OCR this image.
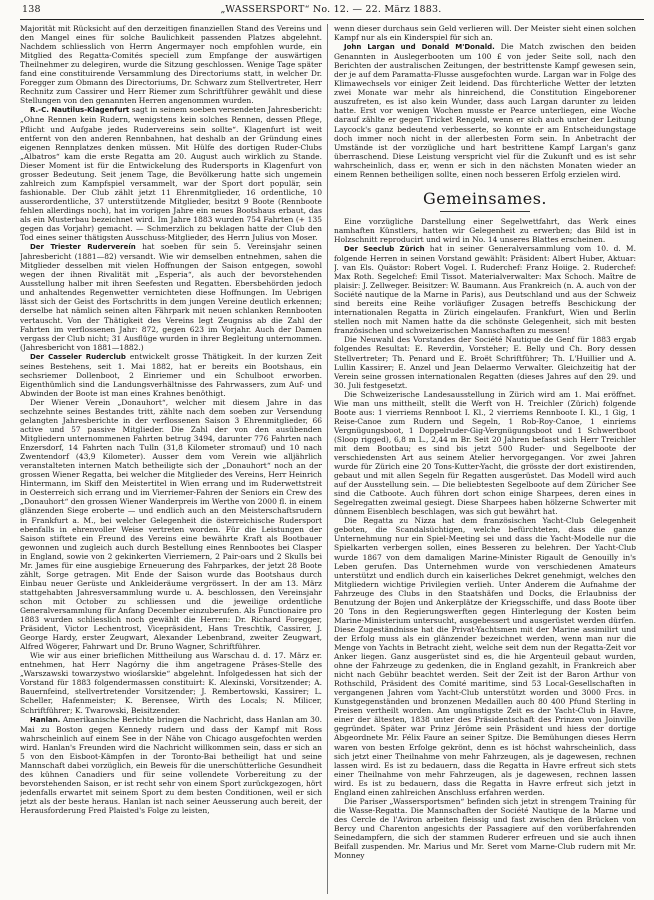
138	„WASSERSPORT“ No. 12. — 22. März 1883.

Majorität mit Rücksicht auf den derzeitigen finanziellen Stand des Vereins und den Mangel eines für solche Baulichkeit passenden Platzes abgelehnt. Nachdem schliesslich von Herrn Angermayer noch empfohlen wurde, ein Mitglied des Regatta-Comités speciell zum Empfange der auswärtigen Theilnehmer zu delegiren, wurde die Sitzung geschlossen. Wenige Tage später fand eine constituirende Versammlung des Directoriums statt, in welcher Dr. Foregger zum Obmann des Directoriums, Dr. Schwarz zum Stellvertreter, Herr Rechnitz zum Cassirer und Herr Riemer zum Schriftführer gewählt und diese Stellungen von den genannten Herren angenommen wurden.

R.-C. Nautilus-Klagenfurt sagt in seinem soeben versendeten Jahresbericht: „Ohne Rennen kein Rudern, wenigstens kein solches Rennen, dessen Pflege, Pflicht und Aufgabe jedes Rudervereins sein sollte“. Klagenfurt ist weit entfernt von den anderen Rennbahnen, hat deshalb an der Gründung eines eigenen Rennplatzes denken müssen. Mit Hülfe des dortigen Ruder-Clubs „Albatros“ kam die erste Regatta am 20. August auch wirklich zu Stande. Dieser Moment ist für die Entwickelung des Rudersports in Klagenfurt von grosser Bedeutung. Seit jenem Tage, die Bevölkerung hatte sich ungemein zahlreich zum Kampfspiel versammelt, war der Sport dort populär, sein fashionable. Der Club zählt jetzt 11 Ehrenmitglieder, 16 ordentliche, 10 ausserordentliche, 37 unterstützende Mitglieder, besitzt 9 Boote (Rennboote fehlen allerdings noch), hat im vorigen Jahre ein neues Bootshaus erbaut, das als ein Musterbau bezeichnet wird. Im Jahre 1883 wurden 754 Fahrten (+ 135 gegen das Vorjahr) gemacht. — Schmerzlich zu beklagen hatte der Club den Tod eines seiner thätigsten Ausschuss-Mitglieder, des Herrn Julius von Moser.

Der Triester Rudervereín hat soeben für sein 5. Vereinsjahr seinen Jahresbericht (1881—82) versandt. Wie wir demselben entnehmen, sahen die Mitglieder desselben mit vielen Hoffnungen der Saison entgegen, sowohl wegen der ihnen Rivalität mit „Esperia“, als auch der bevorstehenden Ausstellung halber mit ihren Seefesten und Regatten. Ebersbehörden jedoch und anhaltendes Regenwetter vernichteten diese Hoffnungen. Im Uebrigen lässt sich der Geist des Fortschritts in dem jungen Vereine deutlich erkennen; derselbe hat nämlich seinen alten Fährpark mit neuen schlanken Rennbooten vertauscht. Von der Thätigkeit des Vereins legt Zeugniss ab die Zahl der Fahrten im verflossenen Jahr: 872, gegen 623 im Vorjahr. Auch der Damen vergass der Club nicht; 31 Ausflüge wurden in ihrer Begleitung unternommen. (Jahresbericht von 1881—1882.)

Der Casseler Ruderclub entwickelt grosse Thätigkeit. In der kurzen Zeit seines Bestehens, seit 1. Mai 1882, hat er bereits ein Bootshaus, ein sechsriemer Dollenboot, 2 Einriemer und ein Schulboot erworben. Eigenthümlich sind die Landungsverhältnisse des Fahrwassers, zum Auf- und Abwinden der Boote ist man eines Krahnes benöthigt.

Der Wiener Verein „Donauhort“, welcher mit diesem Jahre in das sechzehnte seines Bestandes tritt, zählte nach dem soeben zur Versendung gelangten Jahresberichte in der verflossenen Saison 3 Ehrenmitglieder, 66 active und 57 passive Mitglieder. Die Zahl der von den ausübenden Mitgliedern unternommenen Fahrten betrug 3494, darunter 776 Fahrten nach Enzersdorf, 14 Fahrten nach Tulln (31,8 Kilometer stromauf) und 10 nach Zwentendorf (43,9 Kilometer). Ausser dem vom Verein wie alljährlich veranstalteten internen Match betheiligte sich der „Donauhort“ noch an der grossen Wiener Regatta, bei welcher die Mitglieder des Vereins, Herr Heinrich Hintermann, im Skiff den Meistertitel in Wien errang und im Ruderwettstreit in Oesterreich sich errang und im Vierriemer-Fahren der Seniors ein Crew des „Donauhort“ den grossen Wiener Wanderpreis im Werthe von 2000 fl. in einem glänzenden Siege eroberte — und endlich auch an den Meisterschaftsrudern in Frankfurt a. M., bei welcher Gelegenheit die österreichische Rudersport ebenfalls in ehrenvoller Weise vertreten worden. Für die Leistungen der Saison stiftete ein Freund des Vereins eine bewährte Kraft als Bootbauer gewonnen und zugleich auch durch Bestellung eines Rennbootes bei Clasper in England, sowie von 2 gekinkerten Vierriemern, 2 Pair-oars und 2 Skulls bei Mr. James für eine ausgiebige Erneuerung des Fahrparkes, der jetzt 28 Boote zählt, Sorge getragen. Mit Ende der Saison wurde das Bootshaus durch Einbau neuer Gerüste und Ankleideräume vergrössert. In der am 13. März stattgehabten Jahresversammlung wurde u. A. beschlossen, den Vereinsjahr schon mit October zu schliessen und die jeweilige ordentliche Generalversammlung für Anfang December einzuberufen. Als Functionaire pro 1883 wurden schliesslich noch gewählt die Herren: Dr. Richard Foregger, Präsident, Victor Lechentrost, Vicepräsident, Hans Treschtik, Cassirer, J. George Hardy, erster Zeugwart, Alexander Lebenbrand, zweiter Zeugwart, Alfred Wögerer, Fahrwart und Dr. Bruno Wagner, Schriftführer.

Wie wir aus einer brieflichen Mittheilung aus Warschau d. d. 17. März er. entnehmen, hat Herr Nagórny die ihm angetragene Präses-Stelle des „Warszawski towarzystwo wioślarskie“ abgelehnt. Infolgedessen hat sich der Vorstand für 1883 folgendermassen constituirt: K. Alexinski, Vorsitzender; A. Bauernfeind, stellvertretender Vorsitzender; J. Rembertowski, Kassirer; L. Scheller, Hafenmeister; K. Berensee, Wirth des Locals; N. Milicer, Schriftführer; K. Twarowski, Beisitzender.

Hanlan. Amerikanische Berichte bringen die Nachricht, dass Hanlan am 30. Mai zu Boston gegen Kennedy rudern und dass der Kampf mit Ross wahrscheinlich auf einem See in der Nähe von Chicago ausgefochten werden wird. Hanlan's Freunden wird die Nachricht willkommen sein, dass er sich an 5 von den Eisboot-Kämpfen in der Toronto-Bai betheiligt hat und seine Mannschaft dabei vorzüglich, ein Beweis für die unerschütterliche Gesundheit des kühnen Canadiers und für seine vollendete Vorbereitung zu der bevorstehenden Saison, er ist recht sehr von einem Sport zurückgezogen, hört jedenfalls erwartet mit seinem Sport zu dem besten Conditionen, weil er sich jetzt als der beste heraus. Hanlan ist nach seiner Aeusserung auch bereit, der Herausforderung Fred Plaisted's Folge zu leisten,

wenn dieser durchaus sein Geld verlieren will. Der Meister sieht einen solchen Kampf nur als ein Kinderspiel für sich an.

John Largan und Donald M'Donald. Die Match zwischen den beiden Genannten in Auslegerbooten um 100 £ von jeder Seite soll, nach den Berichten der australischen Zeitungen, der bestrittenste Kampf gewesen sein, der je auf dem Paramatta-Flusse ausgefochten wurde. Largan war in Folge des Klimawechsels vor einiger Zeit leidend. Das fürchterliche Wetter der letzten zwei Monate war mehr als hinreichend, die Constitution Eingeborener auszufreten, es ist also kein Wunder, dass auch Largan darunter zu leiden hatte. Erst vor wenigen Wochen musste er Pearce unterliegen, eine Woche darauf zählte er gegen Tricket Rengeld, wenn er sich auch unter der Leitung Laycock's ganz bedeutend verbesserte, so konnte er am Entscheidungstage doch immer noch nicht in der allerbesten Form sein. In Anbetracht der Umstände ist der vorzügliche und hart bestrittene Kampf Largan's ganz überraschend. Diese Leistung verspricht viel für die Zukunft und es ist sehr wahrscheinlich, dass er, wenn er sich in den nächsten Monaten wieder an einem Rennen betheiligen sollte, einen noch besseren Erfolg erzielen wird.

Gemeinsames.

Eine vorzügliche Darstellung einer Segelwettfahrt, das Werk eines namhaften Künstlers, hatten wir Gelegenheit zu erwerben; das Bild ist in Holzschnitt reproducirt und wird in No. 14 unseres Blattes erscheinen.

Der Seeclub Zürich hat in seiner Generalversammlung vom 10. d. M. folgende Herren in seinen Vorstand gewählt: Präsident: Albert Huber, Aktuar: J. van Els. Quästor: Robert Vogel. I. Ruderchef: Franz Hoiige. 2. Ruderchef: Max Roth. Segelchef: Emil Tissot. Materialverwalter: Max Schoch. Maître de plaisir: J. Zellweger. Beisitzer: W. Baumann. Aus Frankreich (n. A. auch von der Société nautique de la Marne in Paris), aus Deutschland und aus der Schweiz sind bereits eine Reihe vorläufiger Zusagen betreffs Beschickung der internationalen Regatta in Zürich eingelaufen. Frankfurt, Wien und Berlin stellen noch mit Namen hatte da die schönste Gelegenheit, sich mit besten französischen und schweizerischen Mannschaften zu messen!

Die Neuwahl des Vorstandes der Société Nautique de Genf für 1883 ergab folgendes Resultat: E. Reverdin, Vorsteher; E. Belly und Ch. Bory dessen Stellvertreter; Th. Penard und E. Broët Schriftführer; Th. L'Huillier und A. Lullin Kassirer; E. Anzel und Jean Delaermo Verwalter. Gleichzeitig hat der Verein seine grossen internationalen Regatten (dieses Jahres auf den 29. und 30. Juli festgesetzt.

Die Schweizerische Landesausstellung in Zürich wird am 1. Mai eröffnet. Wie man uns mittheilt, stellt die Werft von H. Treichler (Zürich) folgende Boote aus: 1 vierriems Rennboot I. Kl., 2 vierriems Rennboote I. Kl., 1 Gig, 1 Reise-Canoe zum Rudern und Segeln, 1 Rob-Roy-Canoe, 1 einriems Vergnügungsboot, 1 Doppelruder-Gig-Vergnügungsboot und 1 Schwertboot (Sloop rigged), 6,8 m L., 2,44 m Br. Seit 20 Jahren befasst sich Herr Treichler mit dem Bootbau; es sind bis jetzt 500 Ruder- und Segelboote der verschiedensten Art aus seinem Atelier hervorgegangen. Vor zwei Jahren wurde für Zürich eine 20 Tons-Kutter-Yacht, die grösste der dort existirenden, gebaut und mit allen Segeln für Regatten ausgerüstet. Das Modell wird auch auf der Ausstellung sein. — Die beliebtesten Segelboote auf dem Züricher See sind die Catboote. Auch führen dort schon einige Sharpees, deren eines in Segelregatten zweimal gesiegt. Diese Sharpees haben hölzerne Schwerter mit dünnem Eisenblech beschlagen, was sich gut bewährt hat.

Die Regatta zu Nizza hat dem französischen Yacht-Club Gelegenheit geboten, die Scandalsüchtigen, welche befürchteten, dass die ganze Unternehmung nur ein Spiel-Meeting sei und dass die Yacht-Modelle nur die Spielkarten verbergen sollen, eines Besseren zu belehren. Der Yacht-Club wurde 1867 von dem damaligen Marine-Minister Rigault de Genouilly in's Leben gerufen. Das Unternehmen wurde von verschiedenen Amateurs unterstützt und endlich durch ein kaiserliches Dekret genehmigt, welches den Mitgliedern wichtige Privilegien verlieh. Unter Anderem die Aufnahme der Fahrzeuge des Clubs in den Staatshäfen und Docks, die Erlaubniss der Benutzung der Bojen und Ankerplätze der Kriegsschiffe, und dass Boote über 20 Tons in den Regierungswerften gegen Hinterlegung der Kosten beim Marine-Ministerium untersucht, ausgebessert und ausgerüstet werden dürfen. Diese Zugeständnisse hat die Privat-Yachtsmen mit der Marine assimilirt und der Erfolg muss als ein glänzender bezeichnet werden, wenn man nur die Menge von Yachts in Betracht zieht, welche seit dem nun der Regatta-Zeit vor Anker liegen. Ganz ausgerüstet sind es, die hie Argenteuil gebaut wurden, ohne der Fahrzeuge zu gedenken, die in England gezahlt, in Frankreich aber nicht nach Gebühr beachtet werden. Seit der Zeit ist der Baron Arthur von Rothschild, Präsident des Comité maritime, sind 53 Local-Gesellschaften in vergangenen Jahren vom Yacht-Club unterstützt worden und 3000 Frcs. in Kunstgegenständen und bronzenen Medaillen auch 80 400 Pfund Sterling in Preisen vertheilt worden. Am ungünstigste Zeit es der Yacht-Club in Havre, einer der ältesten, 1838 unter des Präsidentschaft des Prinzen von Joinville gegründet. Später war Prinz Jérôme sein Präsident und hiess der dortige Abgeordnete Mr. Félix Faure an seiner Spitze. Die Bemühungen dieses Herrn waren von besten Erfolge gekrönt, denn es ist höchst wahrscheinlich, dass sich jetzt einer Theilnahme von mehr Fahrzeugen, als je dagewesen, rechnen lassen wird. Es ist zu bedauern, dass die Regatta in Havre erfreut sich stets einer Theilnahme von mehr Fahrzeugen, als je dagewesen, rechnen lassen wird. Es ist zu bedauern, dass die Regatta in Havre erfreut sich jetzt in England einen zahlreichen Anschluss erfahren werden.

Die Pariser „Wassersportsmen“ befinden sich jetzt in strengem Training für die Wasse-Regatta. Die Mannschaften der Société Nautique de la Marne und des Cercle de l'Aviron arbeiten fleissig und fast zwischen den Brücken von Bercy und Charenton angesichts der Passagiere auf den vorüberfahrenden Seinedampfern, die sich der stammen Ruderer erfreuen und sie auch ihnen Beifall zuspenden. Mr. Marius und Mr. Seret vom Marne-Club rudern mit Mr. Monney
